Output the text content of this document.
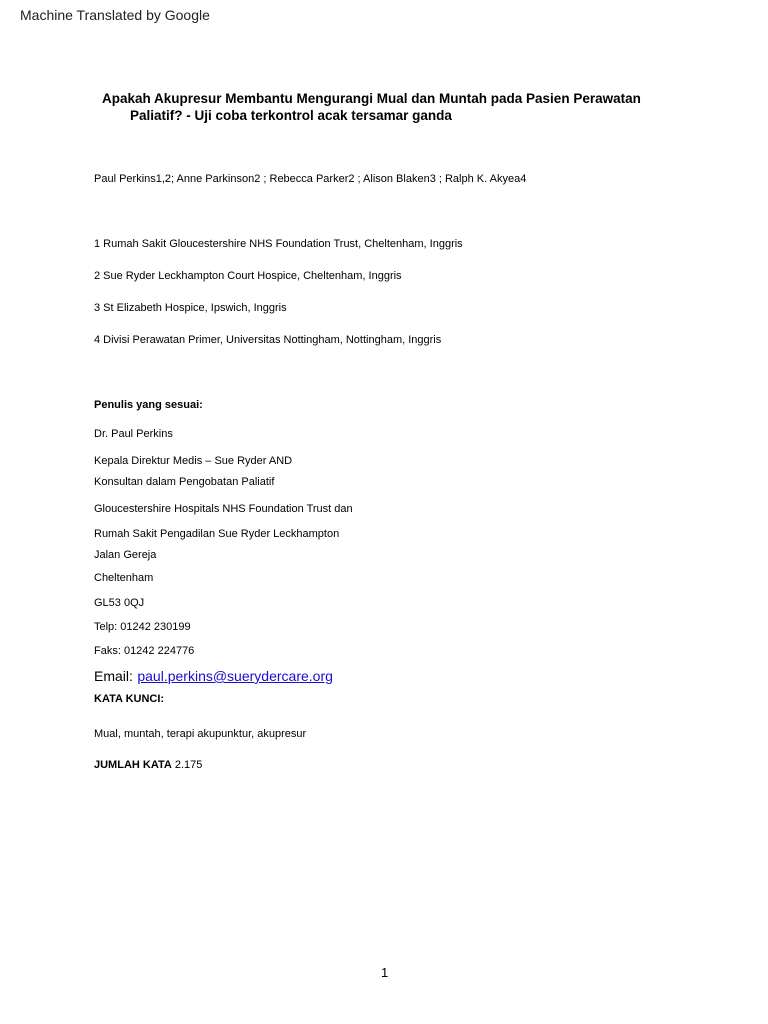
Machine Translated by Google
Apakah Akupresur Membantu Mengurangi Mual dan Muntah pada Pasien Perawatan
Paliatif? - Uji coba terkontrol acak tersamar ganda
Paul Perkins1,2; Anne Parkinson2 ; Rebecca Parker2 ; Alison Blaken3 ; Ralph K. Akyea4
1 Rumah Sakit Gloucestershire NHS Foundation Trust, Cheltenham, Inggris
2 Sue Ryder Leckhampton Court Hospice, Cheltenham, Inggris
3 St Elizabeth Hospice, Ipswich, Inggris
4 Divisi Perawatan Primer, Universitas Nottingham, Nottingham, Inggris
Penulis yang sesuai:
Dr. Paul Perkins
Kepala Direktur Medis – Sue Ryder AND
Konsultan dalam Pengobatan Paliatif
Gloucestershire Hospitals NHS Foundation Trust dan
Rumah Sakit Pengadilan Sue Ryder Leckhampton
Jalan Gereja
Cheltenham
GL53 0QJ
Telp: 01242 230199
Faks: 01242 224776
Email: paul.perkins@suerydercare.org
KATA KUNCI:
Mual, muntah, terapi akupunktur, akupresur
JUMLAH KATA 2.175
1
